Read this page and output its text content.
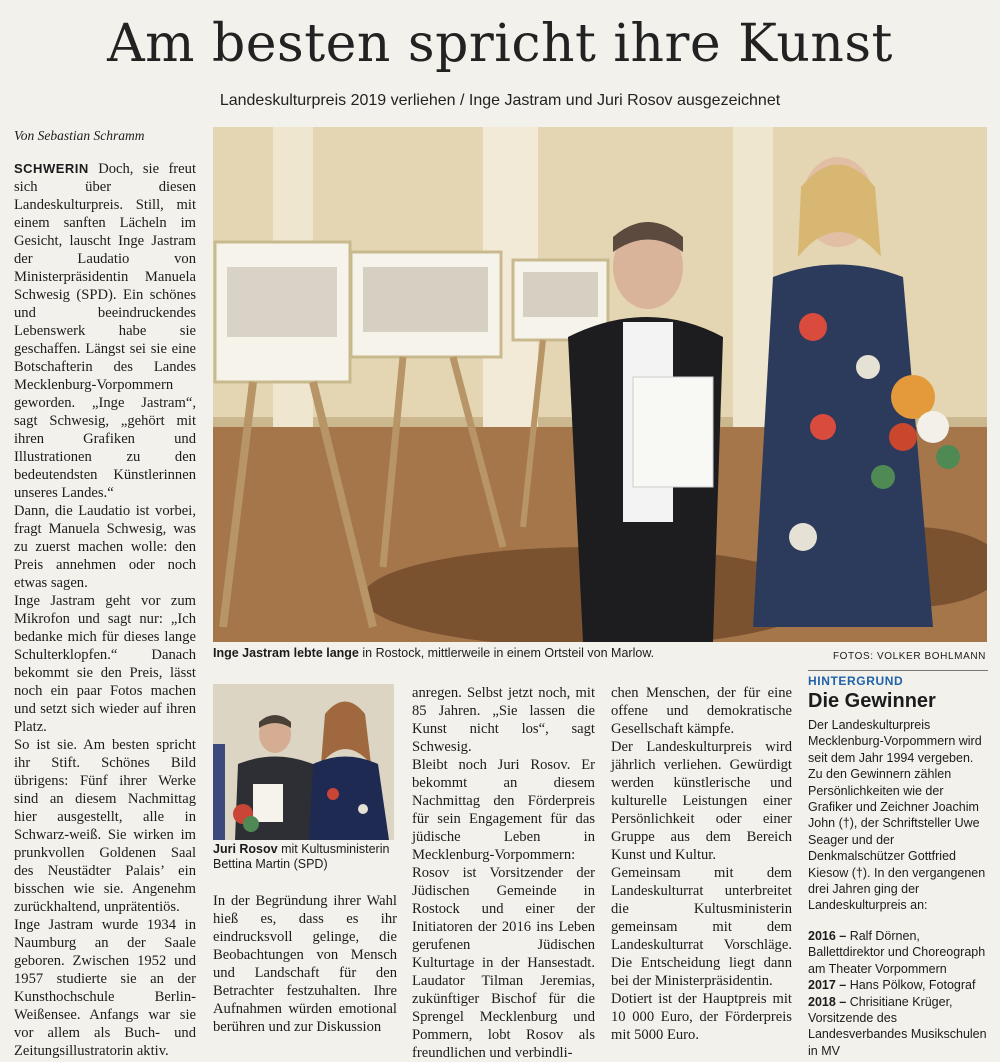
Am besten spricht ihre Kunst
Landeskulturpreis 2019 verliehen / Inge Jastram und Juri Rosov ausgezeichnet
Von Sebastian Schramm

SCHWERIN Doch, sie freut sich über diesen Landeskulturpreis. Still, mit einem sanften Lächeln im Gesicht, lauscht Inge Jastram der Laudatio von Ministerpräsidentin Manuela Schwesig (SPD). Ein schönes und beeindruckendes Lebenswerk habe sie geschaffen. Längst sei sie eine Botschafterin des Landes Mecklenburg-Vorpommern geworden. „Inge Jastram“, sagt Schwesig, „gehört mit ihren Grafiken und Illustrationen zu den bedeutendsten Künstlerinnen unseres Landes.“

Dann, die Laudatio ist vorbei, fragt Manuela Schwesig, was zu zuerst machen wolle: den Preis annehmen oder noch etwas sagen.

Inge Jastram geht vor zum Mikrofon und sagt nur: „Ich bedanke mich für dieses lange Schulterklopfen.“ Danach bekommt sie den Preis, lässt noch ein paar Fotos machen und setzt sich wieder auf ihren Platz.

So ist sie. Am besten spricht ihr Stift. Schönes Bild übrigens: Fünf ihrer Werke sind an diesem Nachmittag hier ausgestellt, alle in Schwarz-weiß. Sie wirken im prunkvollen Goldenen Saal des Neustädter Palais’ ein bisschen wie sie. Angenehm zurückhaltend, unprätentiös.

Inge Jastram wurde 1934 in Naumburg an der Saale geboren. Zwischen 1952 und 1957 studierte sie an der Kunsthochschule Berlin-Weißensee. Anfangs war sie vor allem als Buch- und Zeitungsillustratorin aktiv.

Inge Jastram lebte lange in Rostock, mittlerweile in einem Ortsteil von Marlow.	FOTOS: VOLKER BOHLMANN
Juri Rosov mit Kultusministerin Bettina Martin (SPD)

In der Begründung ihrer Wahl hieß es, dass es ihr eindrucksvoll gelinge, die Beobachtungen von Mensch und Landschaft für den Betrachter festzuhalten. Ihre Aufnahmen würden emotional berühren und zur Diskussion

anregen. Selbst jetzt noch, mit 85 Jahren. „Sie lassen die Kunst nicht los“, sagt Schwesig.

Bleibt noch Juri Rosov. Er bekommt an diesem Nachmittag den Förderpreis für sein Engagement für das jüdische Leben in Mecklenburg-Vorpommern: Rosov ist Vorsitzender der Jüdischen Gemeinde in Rostock und einer der Initiatoren der 2016 ins Leben gerufenen Jüdischen Kulturtage in der Hansestadt. Laudator Tilman Jeremias, zukünftiger Bischof für die Sprengel Mecklenburg und Pommern, lobt Rosov als freundlichen und verbindli-

chen Menschen, der für eine offene und demokratische Gesellschaft kämpfe.

Der Landeskulturpreis wird jährlich verliehen. Gewürdigt werden künstlerische und kulturelle Leistungen einer Persönlichkeit oder einer Gruppe aus dem Bereich Kunst und Kultur.

Gemeinsam mit dem Landeskulturrat unterbreitet die Kultusministerin gemeinsam mit dem Landeskulturrat Vorschläge. Die Entscheidung liegt dann bei der Ministerpräsidentin.

Dotiert ist der Hauptpreis mit 10 000 Euro, der Förderpreis mit 5000 Euro.

HINTERGRUND
Die Gewinner
Der Landeskulturpreis Mecklenburg-Vorpommern wird seit dem Jahr 1994 vergeben. Zu den Gewinnern zählen Persönlichkeiten wie der Grafiker und Zeichner Joachim John (†), der Schriftsteller Uwe Seager und der Denkmalschützer Gottfried Kiesow (†). In den vergangenen drei Jahren ging der Landeskulturpreis an:
2016 – Ralf Dörnen, Ballettdirektor und Choreograph am Theater Vorpommern
2017 – Hans Pölkow, Fotograf
2018 – Chrisitiane Krüger, Vorsitzende des Landesverbandes Musikschulen in MV
